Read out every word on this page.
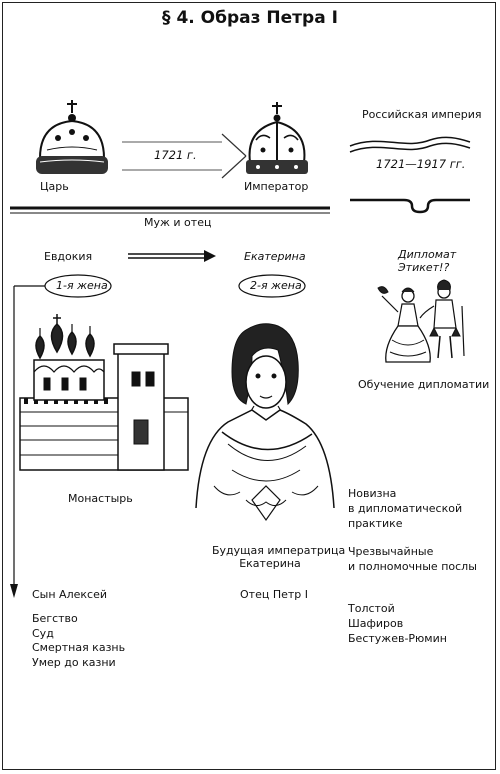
§ 4. Образ Петра I
Царь
1721 г.
Император
Российская империя
1721—1917 гг.
Муж и отец
Евдокия
1-я жена
Екатерина
2-я жена
Дипломат
Этикет!?
Обучение дипломатии
Монастырь
Будущая императрица
Екатерина
Отец Петр I
Новизна
в дипломатической
практике
Чрезвычайные
и полномочные послы
Толстой
Шафиров
Бестужев-Рюмин
Сын Алексей
Бегство
Суд
Смертная казнь
Умер до казни
